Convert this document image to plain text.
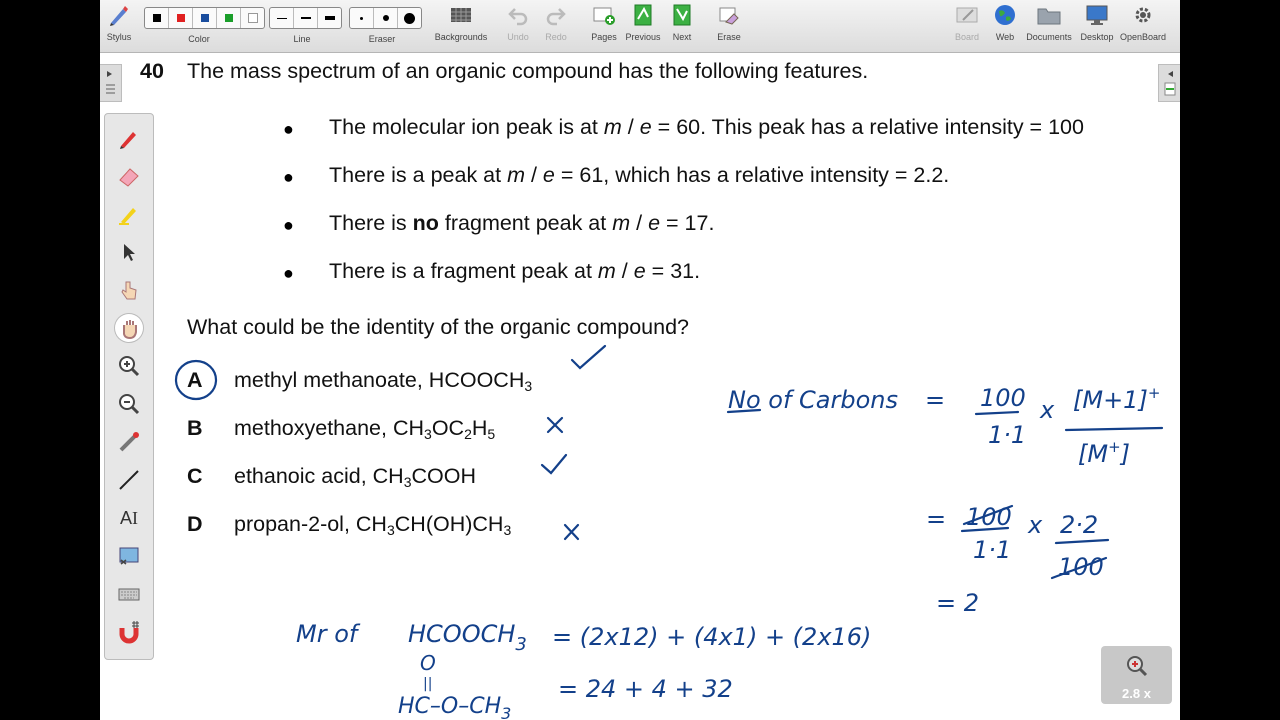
Stylus	Color	Line	Eraser	Backgrounds	Undo	Redo	Pages Previous	Next	Erase	Board	Web	Documents Desktop OpenBoard
AI
40 The mass spectrum of an organic compound has the following features.
● The molecular ion peak is at m / e = 60. This peak has a relative intensity = 100
● There is a peak at m / e = 61, which has a relative intensity = 2.2.
● There is no fragment peak at m / e = 17.
● There is a fragment peak at m / e = 31.
What could be the identity of the organic compound?
A methyl methanoate, $HCOOCH_3$
B methoxyethane, $CH_3OC_2H_5$
C ethanoic acid, $CH_3COOH$
D propan-2-ol, $CH_3CH(OH)CH_3$
No of Carbons = 100
1·1
x [M+1]+
[M+]
= 100
1·1
x 2·2
100
= 2
Mr of $HCOOCH_3 = (2x12) + (4x1) + (2x16)$
O
||
$HC-O-CH_3$
= 24 + 4 + 32	2.8 x
